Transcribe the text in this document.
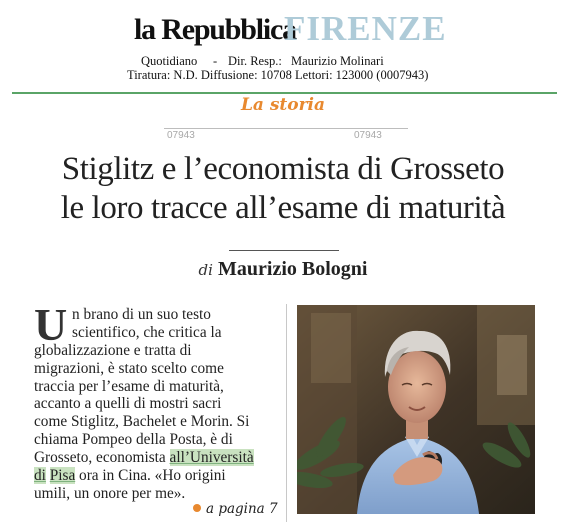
la Repubblica
FIRENZE
Quotidiano - Dir. Resp.: Maurizio Molinari
Tiratura: N.D. Diffusione: 10708 Lettori: 123000 (0007943)
La storia
07943	07943
Stiglitz e l’economista di Grosseto
le loro tracce all’esame di maturità
di Maurizio Bologni
U n brano di un suo testo
scientifico, che critica la
globalizzazione e tratta di
migrazioni, è stato scelto come
traccia per l’esame di maturità,
accanto a quelli di mostri sacri
come Stiglitz, Bachelet e Morin. Si
chiama Pompeo della Posta, è di
Grosseto, economista all’Università
di Pisa ora in Cina. «Ho origini
umili, un onore per me».
a pagina 7
